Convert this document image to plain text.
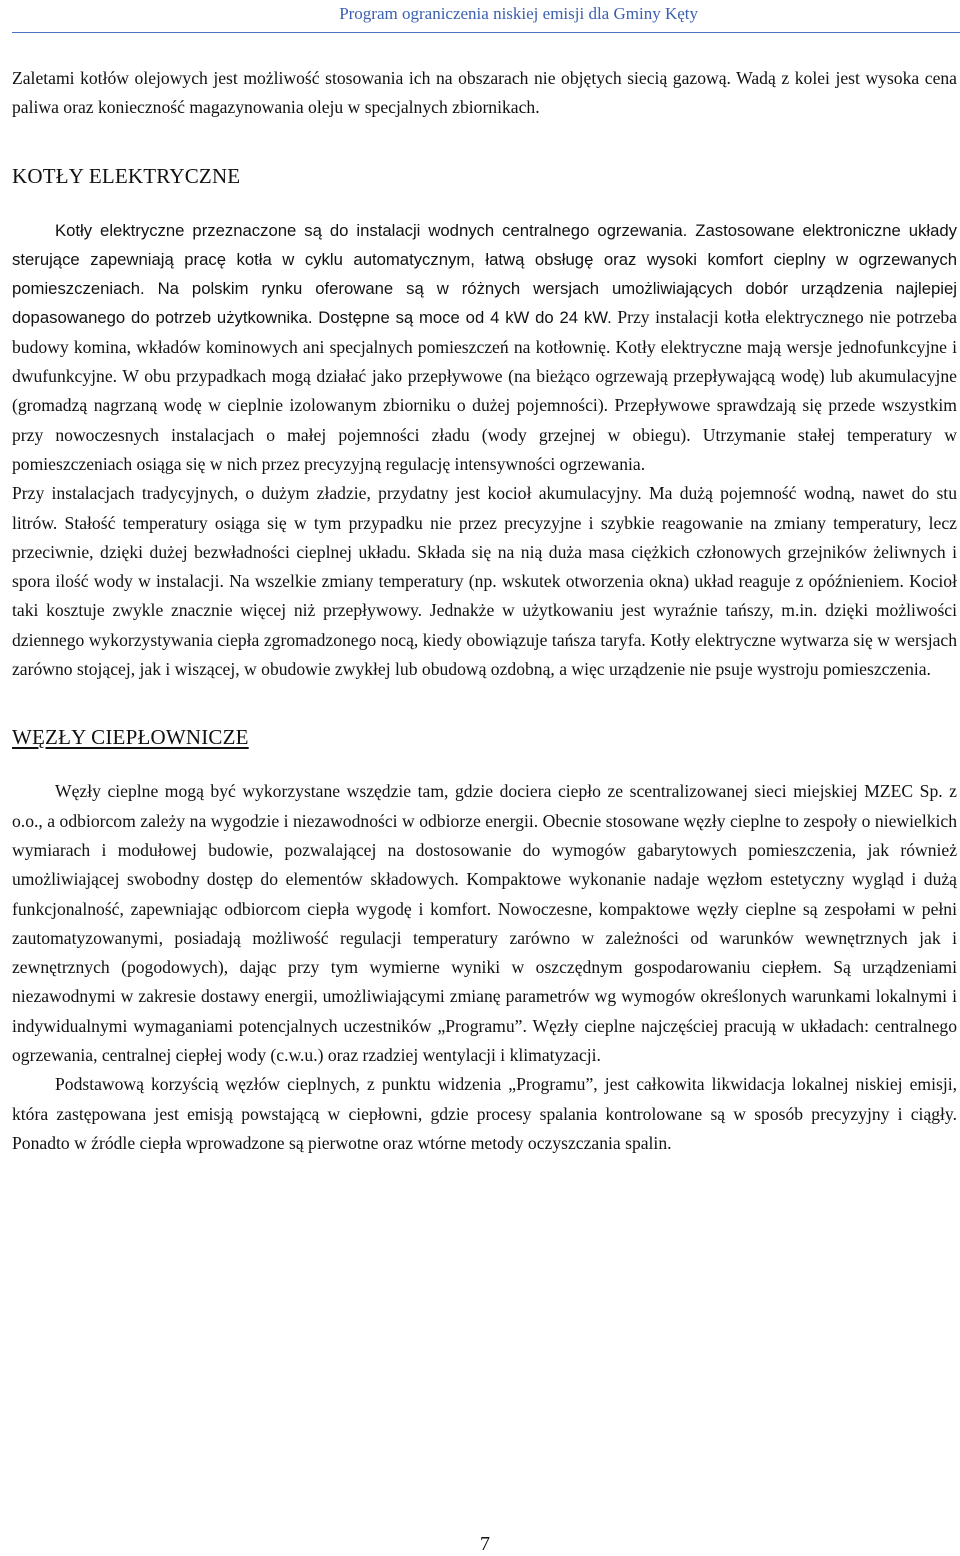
Program ograniczenia niskiej emisji dla Gminy Kęty

Zaletami kotłów olejowych jest możliwość stosowania ich na obszarach nie objętych siecią gazową. Wadą z kolei jest wysoka cena paliwa oraz konieczność magazynowania oleju w specjalnych zbiornikach.

KOTŁY ELEKTRYCZNE

Kotły elektryczne przeznaczone są do instalacji wodnych centralnego ogrzewania. Zastosowane elektroniczne układy sterujące zapewniają pracę kotła w cyklu automatycznym, łatwą obsługę oraz wysoki komfort cieplny w ogrzewanych pomieszczeniach. Na polskim rynku oferowane są w różnych wersjach umożliwiających dobór urządzenia najlepiej dopasowanego do potrzeb użytkownika. Dostępne są moce od 4 kW do 24 kW. Przy instalacji kotła elektrycznego nie potrzeba budowy komina, wkładów kominowych ani specjalnych pomieszczeń na kotłownię. Kotły elektryczne mają wersje jednofunkcyjne i dwufunkcyjne. W obu przypadkach mogą działać jako przepływowe (na bieżąco ogrzewają przepływającą wodę) lub akumulacyjne (gromadzą nagrzaną wodę w cieplnie izolowanym zbiorniku o dużej pojemności). Przepływowe sprawdzają się przede wszystkim przy nowoczesnych instalacjach o małej pojemności zładu (wody grzejnej w obiegu). Utrzymanie stałej temperatury w pomieszczeniach osiąga się w nich przez precyzyjną regulację intensywności ogrzewania.

Przy instalacjach tradycyjnych, o dużym zładzie, przydatny jest kocioł akumulacyjny. Ma dużą pojemność wodną, nawet do stu litrów. Stałość temperatury osiąga się w tym przypadku nie przez precyzyjne i szybkie reagowanie na zmiany temperatury, lecz przeciwnie, dzięki dużej bezwładności cieplnej układu. Składa się na nią duża masa ciężkich członowych grzejników żeliwnych i spora ilość wody w instalacji. Na wszelkie zmiany temperatury (np. wskutek otworzenia okna) układ reaguje z opóźnieniem. Kocioł taki kosztuje zwykle znacznie więcej niż przepływowy. Jednakże w użytkowaniu jest wyraźnie tańszy, m.in. dzięki możliwości dziennego wykorzystywania ciepła zgromadzonego nocą, kiedy obowiązuje tańsza taryfa. Kotły elektryczne wytwarza się w wersjach zarówno stojącej, jak i wiszącej, w obudowie zwykłej lub obudową ozdobną, a więc urządzenie nie psuje wystroju pomieszczenia.

WĘZŁY CIEPŁOWNICZE

Węzły cieplne mogą być wykorzystane wszędzie tam, gdzie dociera ciepło ze scentralizowanej sieci miejskiej MZEC Sp. z o.o., a odbiorcom zależy na wygodzie i niezawodności w odbiorze energii. Obecnie stosowane węzły cieplne to zespoły o niewielkich wymiarach i modułowej budowie, pozwalającej na dostosowanie do wymogów gabarytowych pomieszczenia, jak również umożliwiającej swobodny dostęp do elementów składowych. Kompaktowe wykonanie nadaje węzłom estetyczny wygląd i dużą funkcjonalność, zapewniając odbiorcom ciepła wygodę i komfort. Nowoczesne, kompaktowe węzły cieplne są zespołami w pełni zautomatyzowanymi, posiadają możliwość regulacji temperatury zarówno w zależności od warunków wewnętrznych jak i zewnętrznych (pogodowych), dając przy tym wymierne wyniki w oszczędnym gospodarowaniu ciepłem. Są urządzeniami niezawodnymi w zakresie dostawy energii, umożliwiającymi zmianę parametrów wg wymogów określonych warunkami lokalnymi i indywidualnymi wymaganiami potencjalnych uczestników „Programu”. Węzły cieplne najczęściej pracują w układach: centralnego ogrzewania, centralnej ciepłej wody (c.w.u.) oraz rzadziej wentylacji i klimatyzacji.

Podstawową korzyścią węzłów cieplnych, z punktu widzenia „Programu”, jest całkowita likwidacja lokalnej niskiej emisji, która zastępowana jest emisją powstającą w ciepłowni, gdzie procesy spalania kontrolowane są w sposób precyzyjny i ciągły. Ponadto w źródle ciepła wprowadzone są pierwotne oraz wtórne metody oczyszczania spalin.

7
